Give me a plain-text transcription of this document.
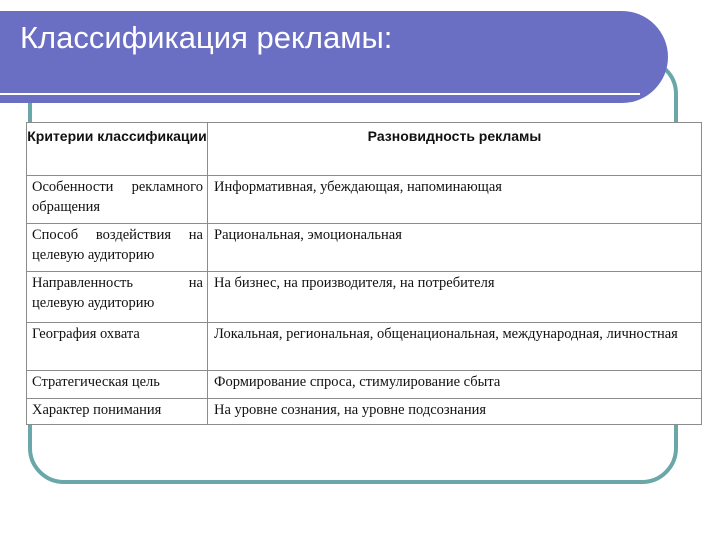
Классификация рекламы:
Критерии классификации	Разновидность рекламы
Особенности рекламного обращения	Информативная, убеждающая, напоминающая
Способ воздействия на целевую аудиторию	Рациональная, эмоциональная
Направленность на целевую аудиторию	На бизнес, на производителя, на потребителя
География охвата	Локальная, региональная, общенациональная, международная, личностная
Стратегическая цель	Формирование спроса, стимулирование сбыта
Характер понимания	На уровне сознания, на уровне подсознания
